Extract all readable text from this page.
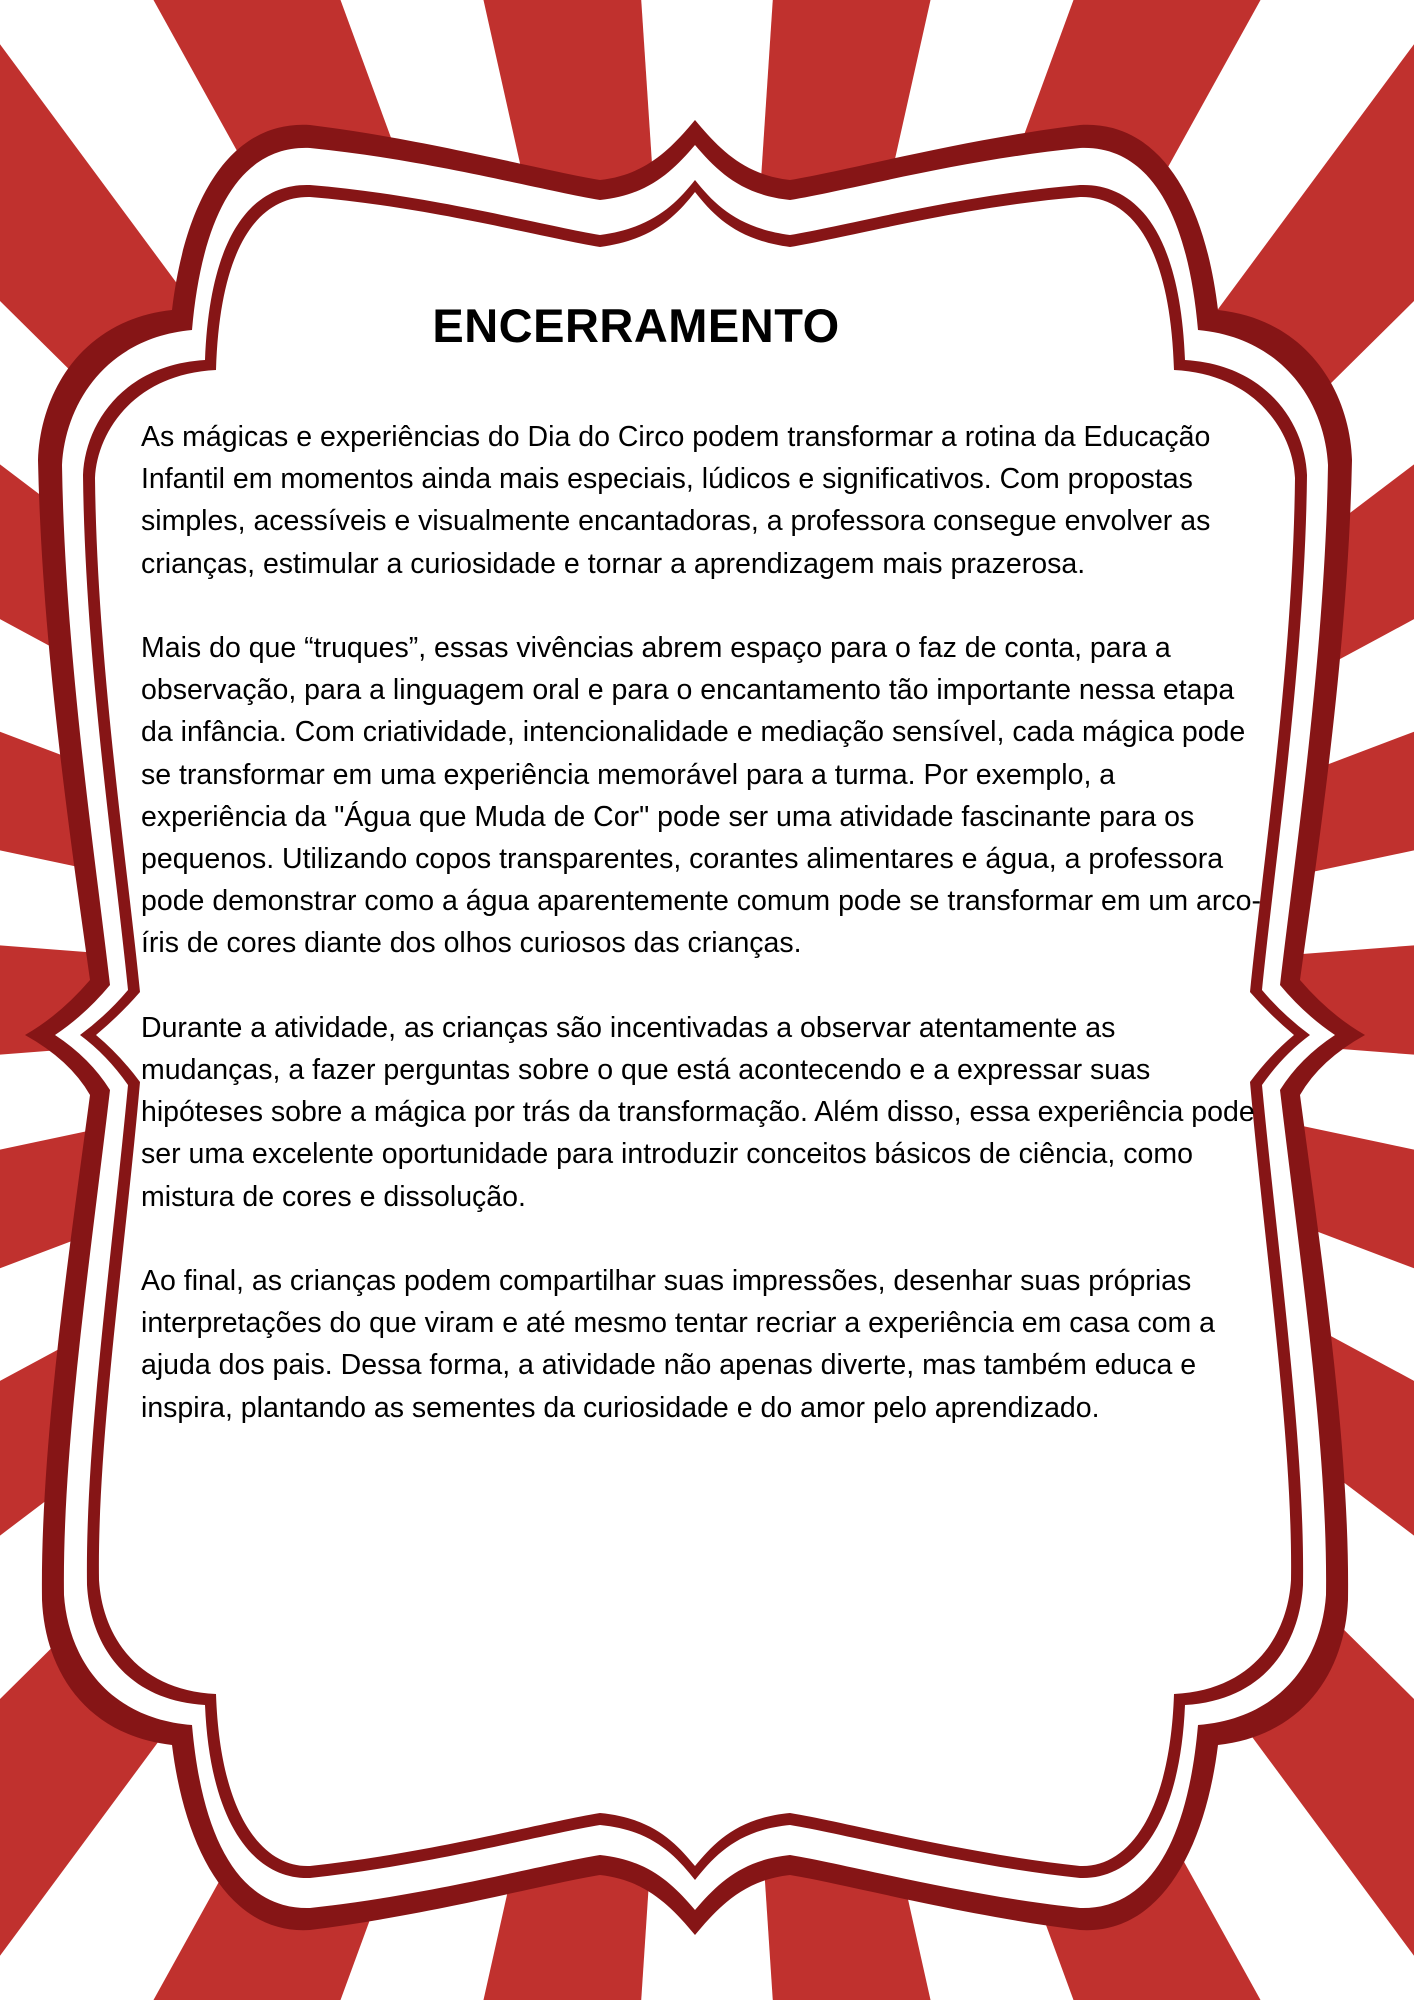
ENCERRAMENTO

As mágicas e experiências do Dia do Circo podem transformar a rotina da Educação Infantil em momentos ainda mais especiais, lúdicos e significativos. Com propostas simples, acessíveis e visualmente encantadoras, a professora consegue envolver as crianças, estimular a curiosidade e tornar a aprendizagem mais prazerosa.

Mais do que “truques”, essas vivências abrem espaço para o faz de conta, para a observação, para a linguagem oral e para o encantamento tão importante nessa etapa da infância. Com criatividade, intencionalidade e mediação sensível, cada mágica pode se transformar em uma experiência memorável para a turma. Por exemplo, a experiência da "Água que Muda de Cor" pode ser uma atividade fascinante para os pequenos. Utilizando copos transparentes, corantes alimentares e água, a professora pode demonstrar como a água aparentemente comum pode se transformar em um arco-íris de cores diante dos olhos curiosos das crianças.

Durante a atividade, as crianças são incentivadas a observar atentamente as mudanças, a fazer perguntas sobre o que está acontecendo e a expressar suas hipóteses sobre a mágica por trás da transformação. Além disso, essa experiência pode ser uma excelente oportunidade para introduzir conceitos básicos de ciência, como mistura de cores e dissolução.

Ao final, as crianças podem compartilhar suas impressões, desenhar suas próprias interpretações do que viram e até mesmo tentar recriar a experiência em casa com a ajuda dos pais. Dessa forma, a atividade não apenas diverte, mas também educa e inspira, plantando as sementes da curiosidade e do amor pelo aprendizado.
